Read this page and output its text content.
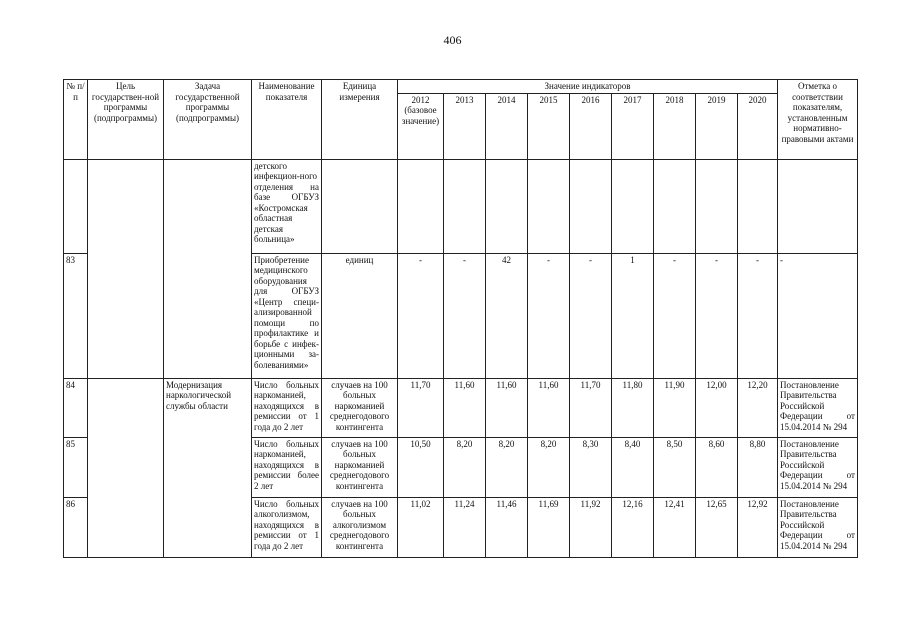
406
№ п/п	Цель государствен-ной программы (подпрограммы)	Задача государственной программы (подпрограммы)	Наименование показателя	Единица измерения	Значение индикаторов									Отметка о соответствии показателям, установленным нормативно-правовыми актами
					2012 (базовое значение)	2013	2014	2015	2016	2017	2018	2019	2020	
			детского инфекцион-ного отделения на базе ОГБУЗ «Костромская областная детская больница»											
83			Приобретение медицинского оборудования для ОГБУЗ «Центр специ-ализированной помощи по профилактике и борьбе с инфек-ционными за-болеваниями»	единиц	-	-	42	-	-	1	-	-	-	-
84		Модернизация наркологической службы области	Число больных наркоманией, находящихся в ремиссии от 1 года до 2 лет	случаев на 100 больных наркоманией среднегодового контингента	11,70	11,60	11,60	11,60	11,70	11,80	11,90	12,00	12,20	Постановление Правительства Российской Федерации от 15.04.2014 № 294
85			Число больных наркоманией, находящихся в ремиссии более 2 лет	случаев на 100 больных наркоманией среднегодового контингента	10,50	8,20	8,20	8,20	8,30	8,40	8,50	8,60	8,80	Постановление Правительства Российской Федерации от 15.04.2014 № 294
86			Число больных алкоголизмом, находящихся в ремиссии от 1 года до 2 лет	случаев на 100 больных алкоголизмом среднегодового контингента	11,02	11,24	11,46	11,69	11,92	12,16	12,41	12,65	12,92	Постановление Правительства Российской Федерации от 15.04.2014 № 294
